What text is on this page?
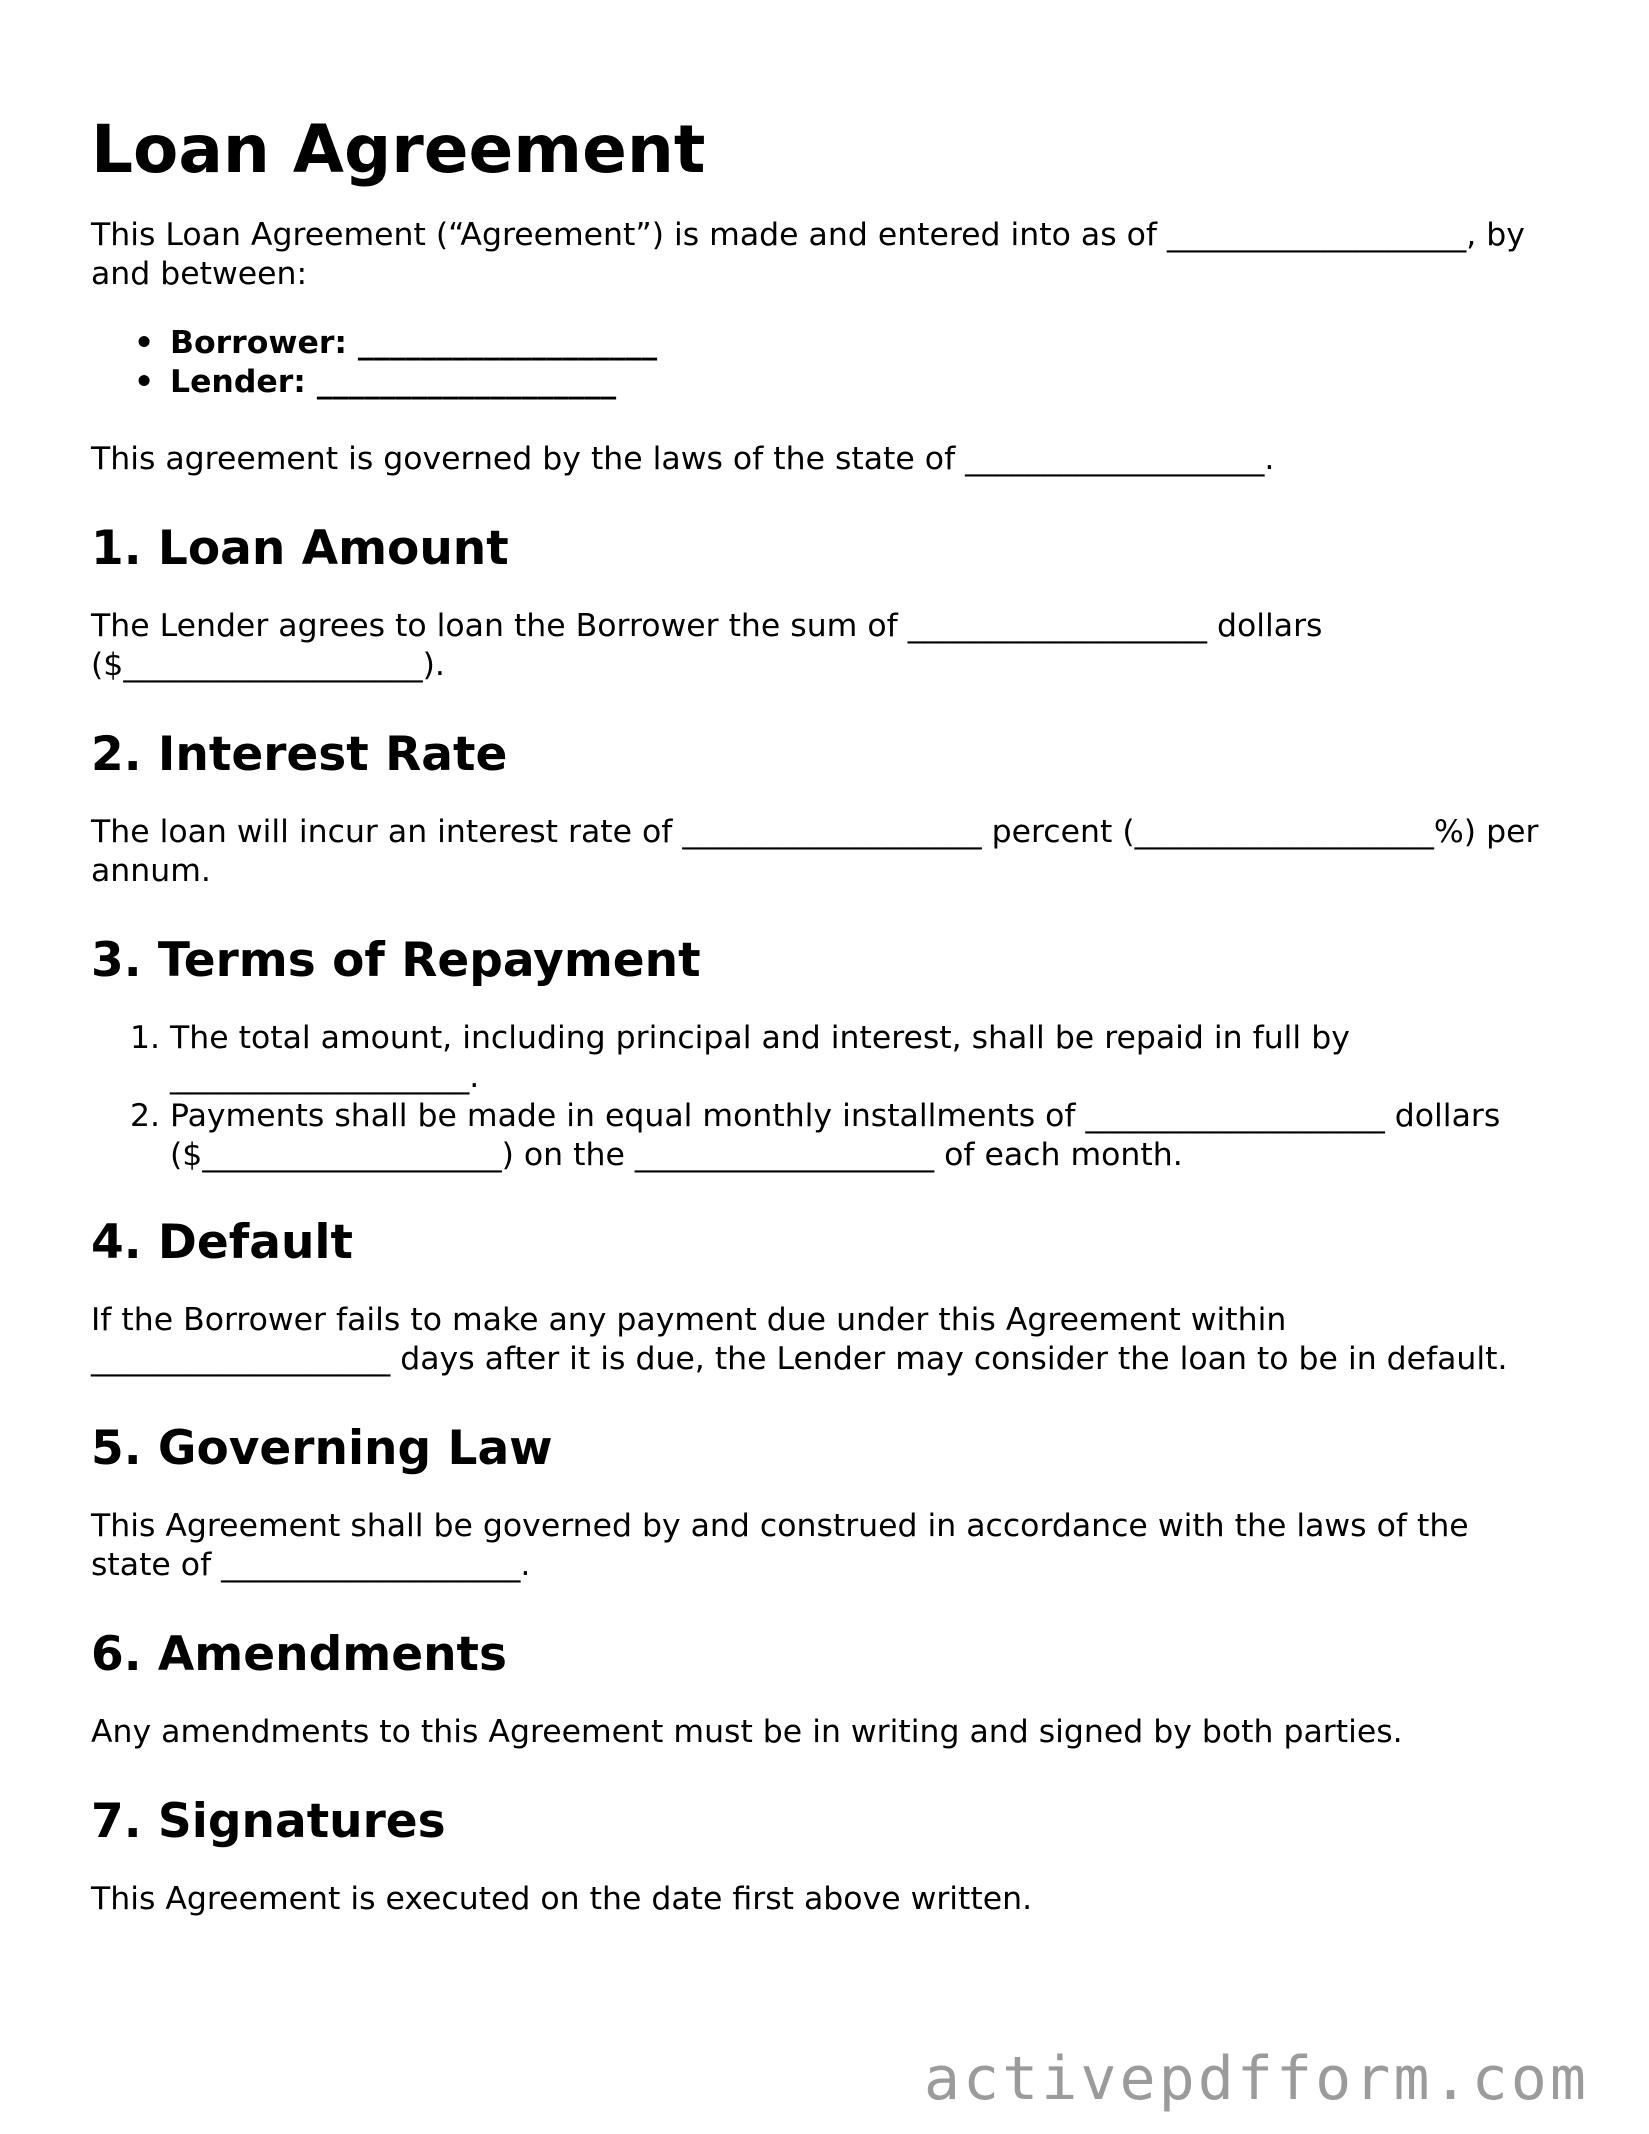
Loan Agreement

This Loan Agreement (“Agreement”) is made and entered into as of ___________________, by and between:

• Borrower: ___________________
• Lender: ___________________

This agreement is governed by the laws of the state of ___________________.

1. Loan Amount

The Lender agrees to loan the Borrower the sum of ___________________ dollars ($___________________).

2. Interest Rate

The loan will incur an interest rate of ___________________ percent (___________________%) per annum.

3. Terms of Repayment
1. The total amount, including principal and interest, shall be repaid in full by ___________________.
2. Payments shall be made in equal monthly installments of ___________________ dollars ($___________________) on the ___________________ of each month.
4. Default

If the Borrower fails to make any payment due under this Agreement within ___________________ days after it is due, the Lender may consider the loan to be in default.

5. Governing Law

This Agreement shall be governed by and construed in accordance with the laws of the state of ___________________.

6. Amendments

Any amendments to this Agreement must be in writing and signed by both parties.

7. Signatures

This Agreement is executed on the date first above written.

activepdfform.com
